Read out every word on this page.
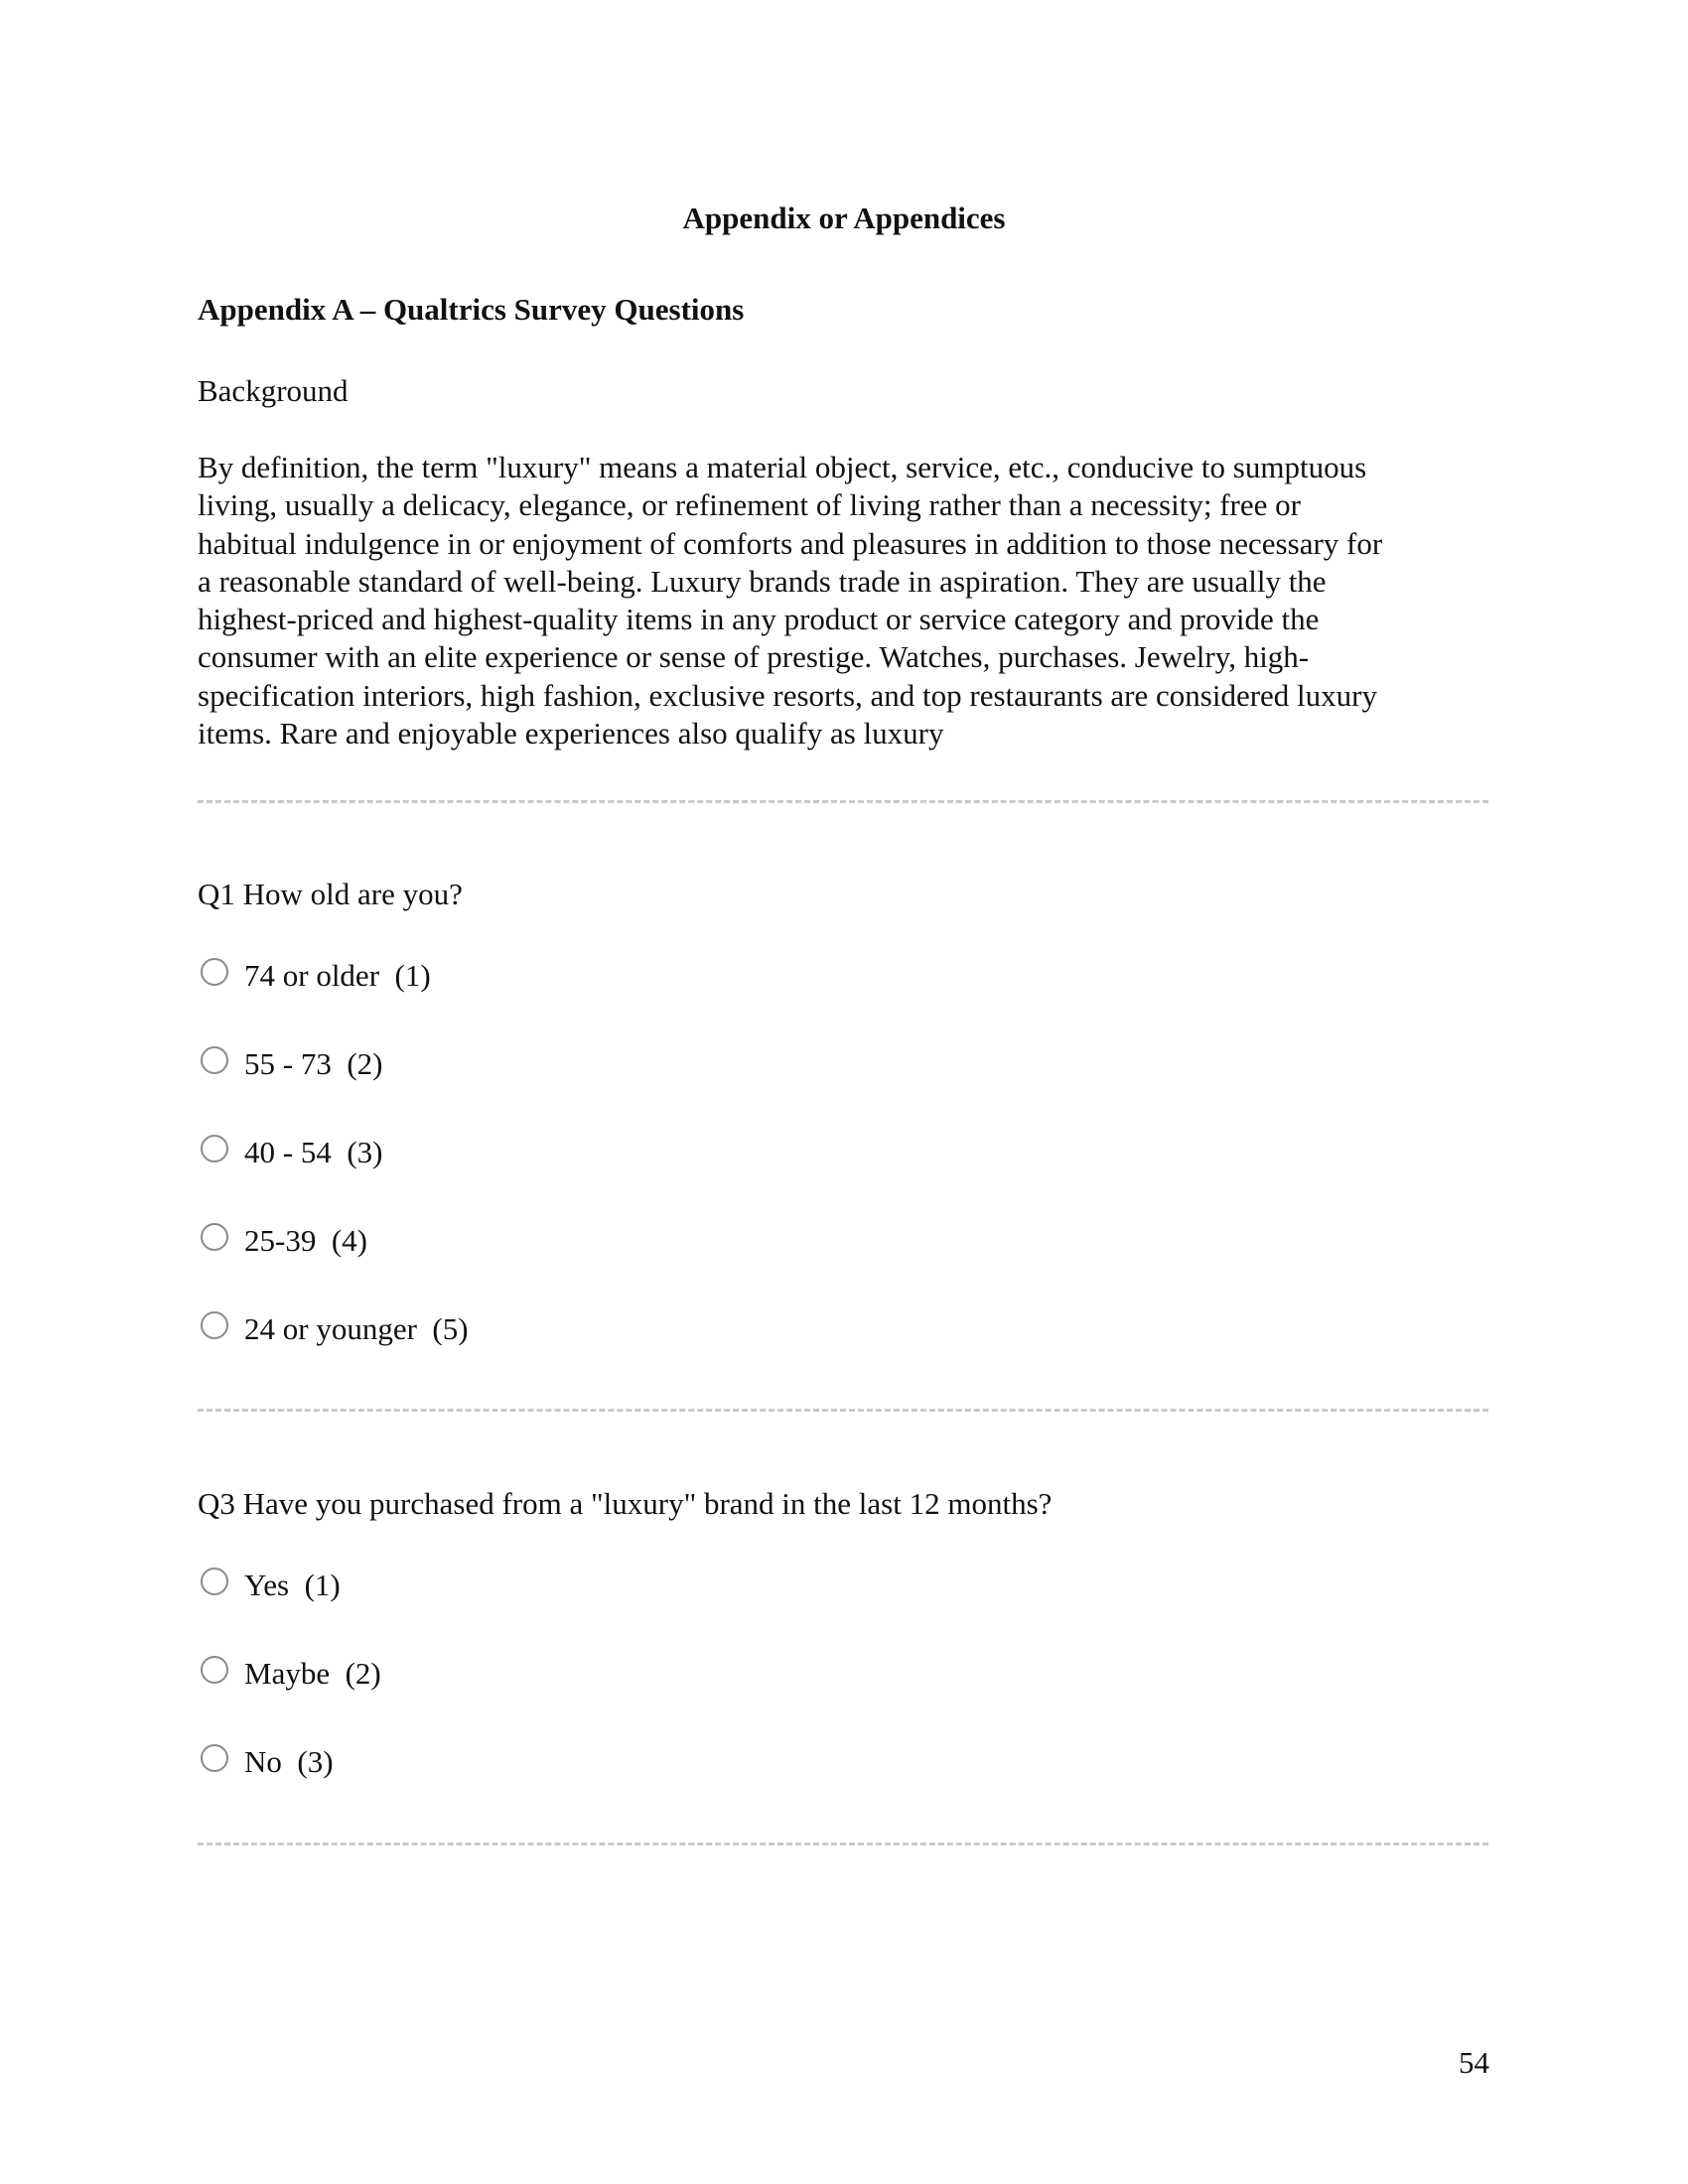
Appendix or Appendices
Appendix A – Qualtrics Survey Questions
Background
By definition, the term "luxury" means a material object, service, etc., conducive to sumptuous
living, usually a delicacy, elegance, or refinement of living rather than a necessity; free or
habitual indulgence in or enjoyment of comforts and pleasures in addition to those necessary for
a reasonable standard of well-being. Luxury brands trade in aspiration. They are usually the
highest-priced and highest-quality items in any product or service category and provide the
consumer with an elite experience or sense of prestige. Watches, purchases. Jewelry, high-
specification interiors, high fashion, exclusive resorts, and top restaurants are considered luxury
items. Rare and enjoyable experiences also qualify as luxury
Q1 How old are you?
74 or older  (1)
55 - 73  (2)
40 - 54  (3)
25-39  (4)
24 or younger  (5)
Q3 Have you purchased from a "luxury" brand in the last 12 months?
Yes  (1)
Maybe  (2)
No  (3)
54
